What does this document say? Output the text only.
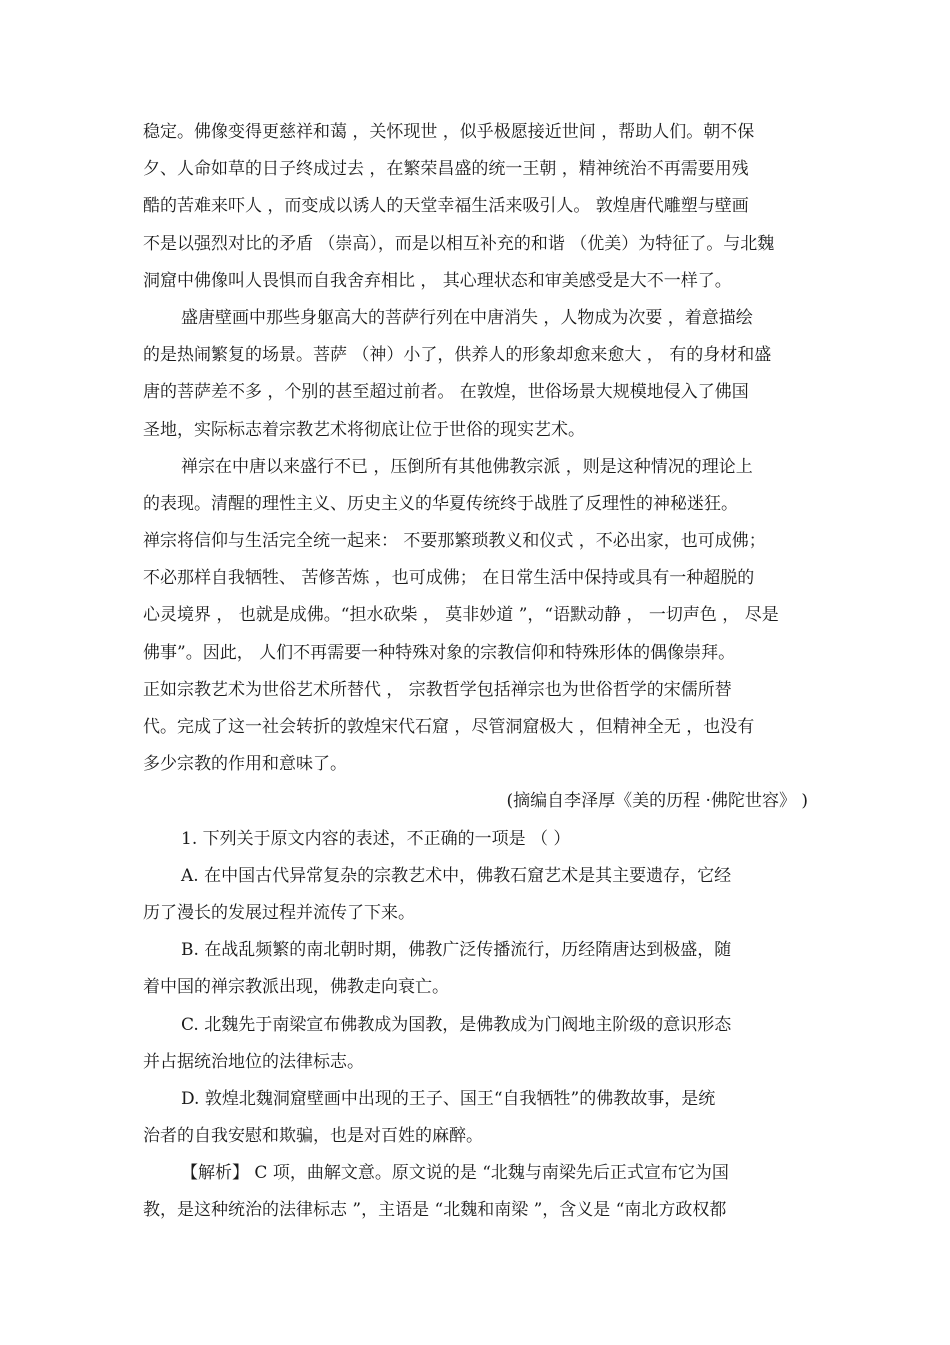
稳定。佛像变得更慈祥和蔼 ，关怀现世 ，似乎极愿接近世间 ，帮助人们。朝不保
夕、人命如草的日子终成过去 ，在繁荣昌盛的统一王朝 ，精神统治不再需要用残
酷的苦难来吓人 ，而变成以诱人的天堂幸福生活来吸引人。 敦煌唐代雕塑与壁画
不是以强烈对比的矛盾 （崇高），而是以相互补充的和谐 （优美）为特征了。与北魏
洞窟中佛像叫人畏惧而自我舍弃相比 ， 其心理状态和审美感受是大不一样了。
盛唐壁画中那些身躯高大的菩萨行列在中唐消失 ，人物成为次要 ，着意描绘
的是热闹繁复的场景。菩萨 （神）小了，供养人的形象却愈来愈大 ， 有的身材和盛
唐的菩萨差不多 ，个别的甚至超过前者。 在敦煌，世俗场景大规模地侵入了佛国
圣地，实际标志着宗教艺术将彻底让位于世俗的现实艺术。
禅宗在中唐以来盛行不已 ，压倒所有其他佛教宗派 ，则是这种情况的理论上
的表现。清醒的理性主义、历史主义的华夏传统终于战胜了反理性的神秘迷狂。
禅宗将信仰与生活完全统一起来： 不要那繁琐教义和仪式 ，不必出家，也可成佛；
不必那样自我牺牲、 苦修苦炼 ，也可成佛； 在日常生活中保持或具有一种超脱的
心灵境界 ， 也就是成佛。“担水砍柴 ， 莫非妙道 ”，“语默动静 ， 一切声色 ， 尽是
佛事”。因此， 人们不再需要一种特殊对象的宗教信仰和特殊形体的偶像崇拜。
正如宗教艺术为世俗艺术所替代 ， 宗教哲学包括禅宗也为世俗哲学的宋儒所替
代。完成了这一社会转折的敦煌宋代石窟 ，尽管洞窟极大 ，但精神全无 ，也没有
多少宗教的作用和意味了。
(摘编自李泽厚《美的历程 ·佛陀世容》 )
1. 下列关于原文内容的表述，不正确的一项是 （ ）
A. 在中国古代异常复杂的宗教艺术中，佛教石窟艺术是其主要遗存，它经
历了漫长的发展过程并流传了下来。
B. 在战乱频繁的南北朝时期，佛教广泛传播流行，历经隋唐达到极盛，随
着中国的禅宗教派出现，佛教走向衰亡。
C. 北魏先于南梁宣布佛教成为国教，是佛教成为门阀地主阶级的意识形态
并占据统治地位的法律标志。
D. 敦煌北魏洞窟壁画中出现的王子、国王“自我牺牲”的佛教故事，是统
治者的自我安慰和欺骗，也是对百姓的麻醉。
【解析】 C 项，曲解文意。原文说的是 “北魏与南梁先后正式宣布它为国
教，是这种统治的法律标志 ”，主语是 “北魏和南梁 ”，含义是 “南北方政权都
